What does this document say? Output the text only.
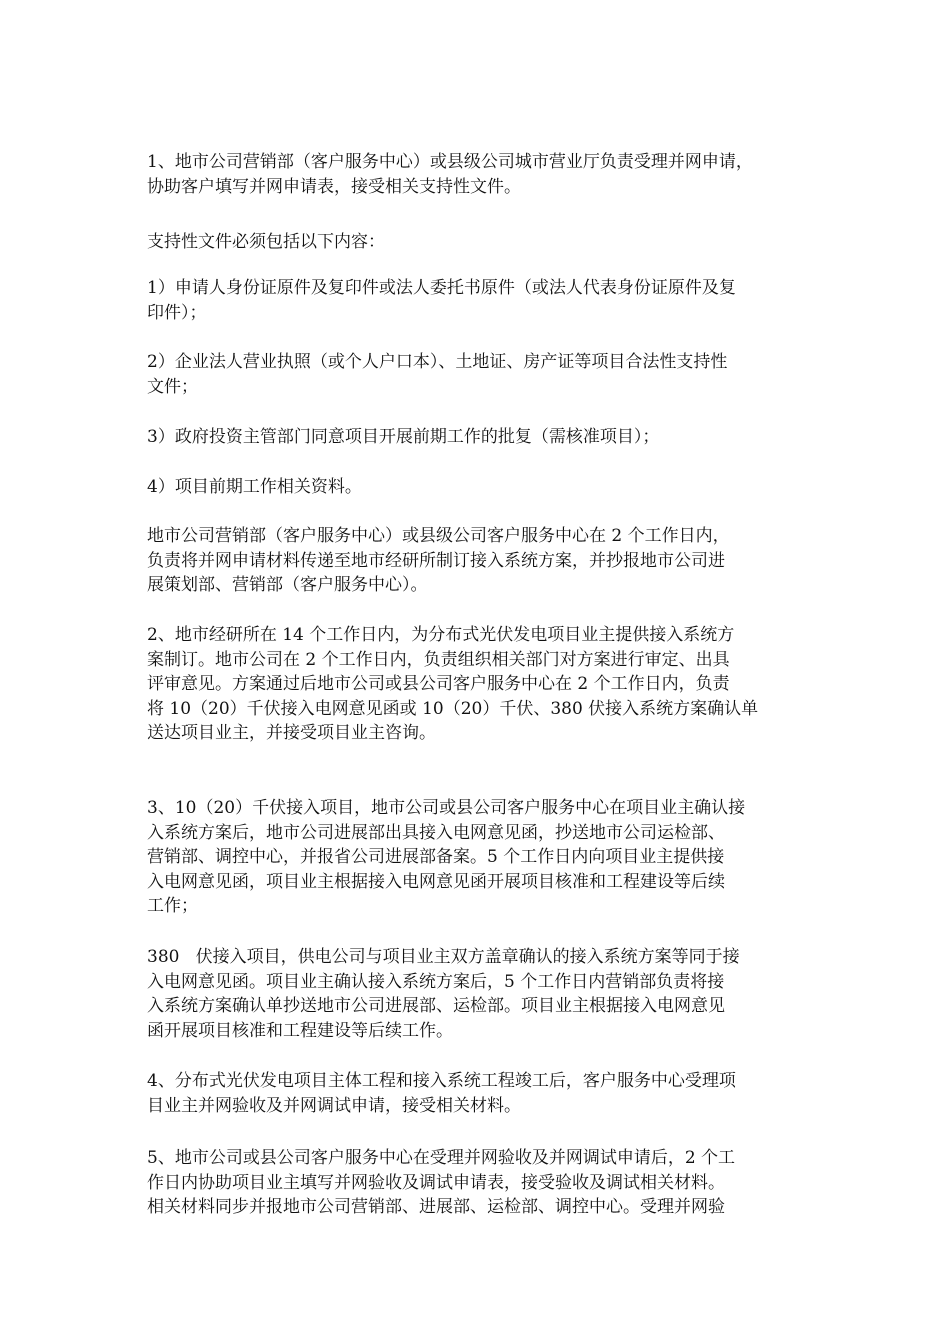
1、地市公司营销部（客户服务中心）或县级公司城市营业厅负责受理并网申请，
协助客户填写并网申请表，接受相关支持性文件。

支持性文件必须包括以下内容：

1）申请人身份证原件及复印件或法人委托书原件（或法人代表身份证原件及复
印件）；

2）企业法人营业执照（或个人户口本）、土地证、房产证等项目合法性支持性
文件；

3）政府投资主管部门同意项目开展前期工作的批复（需核准项目）；

4）项目前期工作相关资料。

地市公司营销部（客户服务中心）或县级公司客户服务中心在 2 个工作日内，
负责将并网申请材料传递至地市经研所制订接入系统方案，并抄报地市公司进
展策划部、营销部（客户服务中心）。

2、地市经研所在 14 个工作日内，为分布式光伏发电项目业主提供接入系统方
案制订。地市公司在 2 个工作日内，负责组织相关部门对方案进行审定、出具
评审意见。方案通过后地市公司或县公司客户服务中心在 2 个工作日内，负责
将 10（20）千伏接入电网意见函或 10（20）千伏、380 伏接入系统方案确认单
送达项目业主，并接受项目业主咨询。

3、10（20）千伏接入项目，地市公司或县公司客户服务中心在项目业主确认接
入系统方案后，地市公司进展部出具接入电网意见函，抄送地市公司运检部、
营销部、调控中心，并报省公司进展部备案。5 个工作日内向项目业主提供接
入电网意见函，项目业主根据接入电网意见函开展项目核准和工程建设等后续
工作；

380   伏接入项目，供电公司与项目业主双方盖章确认的接入系统方案等同于接
入电网意见函。项目业主确认接入系统方案后，5 个工作日内营销部负责将接
入系统方案确认单抄送地市公司进展部、运检部。项目业主根据接入电网意见
函开展项目核准和工程建设等后续工作。

4、分布式光伏发电项目主体工程和接入系统工程竣工后，客户服务中心受理项
目业主并网验收及并网调试申请，接受相关材料。

5、地市公司或县公司客户服务中心在受理并网验收及并网调试申请后，2 个工
作日内协助项目业主填写并网验收及调试申请表，接受验收及调试相关材料。
相关材料同步并报地市公司营销部、进展部、运检部、调控中心。受理并网验
